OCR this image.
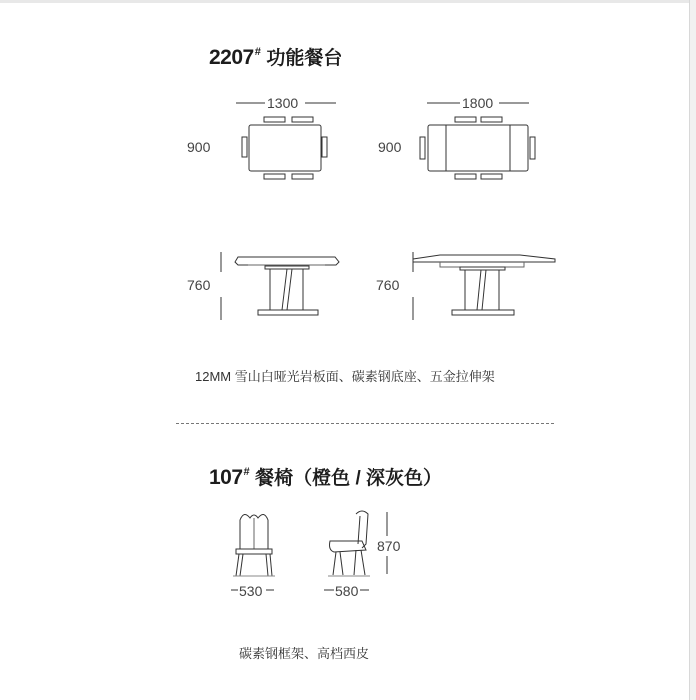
2207# 功能餐台
1300
900
1800
900
760	760
12MM 雪山白哑光岩板面、碳素钢底座、五金拉伸架
107# 餐椅（橙色 / 深灰色）
530	580
870
碳素钢框架、高档西皮
